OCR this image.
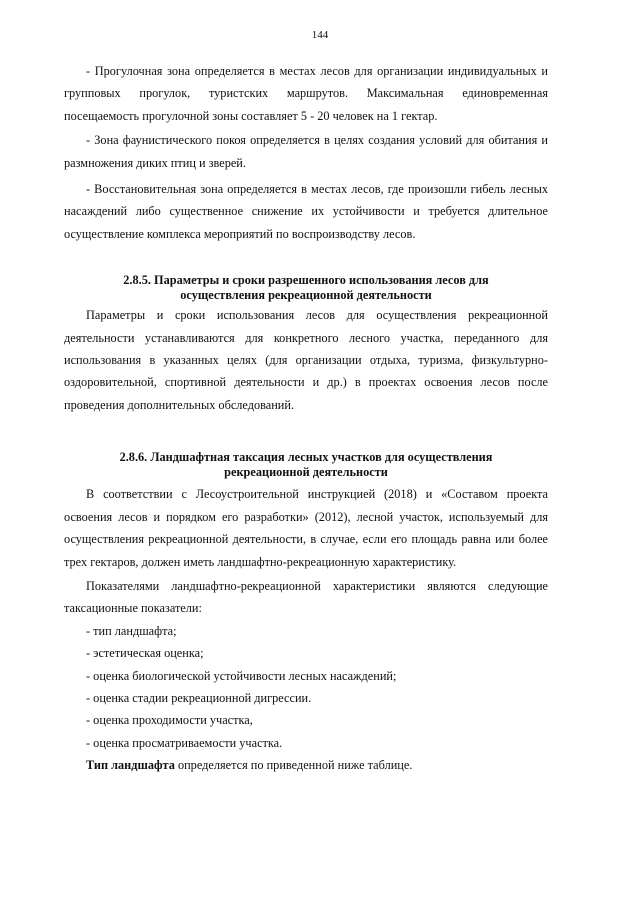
144

- Прогулочная зона определяется в местах лесов для организации индивидуальных и групповых прогулок, туристских маршрутов. Максимальная единовременная посещаемость прогулочной зоны составляет 5 - 20 человек на 1 гектар.

- Зона фаунистического покоя определяется в целях создания условий для обитания и размножения диких птиц и зверей.

- Восстановительная зона определяется в местах лесов, где произошли гибель лесных насаждений либо существенное снижение их устойчивости и требуется длительное осуществление комплекса мероприятий по воспроизводству лесов.

2.8.5. Параметры и сроки разрешенного использования лесов для
осуществления рекреационной деятельности

Параметры и сроки использования лесов для осуществления рекреационной деятельности устанавливаются для конкретного лесного участка, переданного для использования в указанных целях (для организации отдыха, туризма, физкультурно-оздоровительной, спортивной деятельности и др.) в проектах освоения лесов после проведения дополнительных обследований.

2.8.6. Ландшафтная таксация лесных участков для осуществления
рекреационной деятельности

В соответствии с Лесоустроительной инструкцией (2018) и «Составом проекта освоения лесов и порядком его разработки» (2012), лесной участок, используемый для осуществления рекреационной деятельности, в случае, если его площадь равна или более трех гектаров, должен иметь ландшафтно-рекреационную характеристику.

Показателями ландшафтно-рекреационной характеристики являются следующие таксационные показатели:

- тип ландшафта;

- эстетическая оценка;

- оценка биологической устойчивости лесных насаждений;

- оценка стадии рекреационной дигрессии.

- оценка проходимости участка,

- оценка просматриваемости участка.

Тип ландшафта определяется по приведенной ниже таблице.
